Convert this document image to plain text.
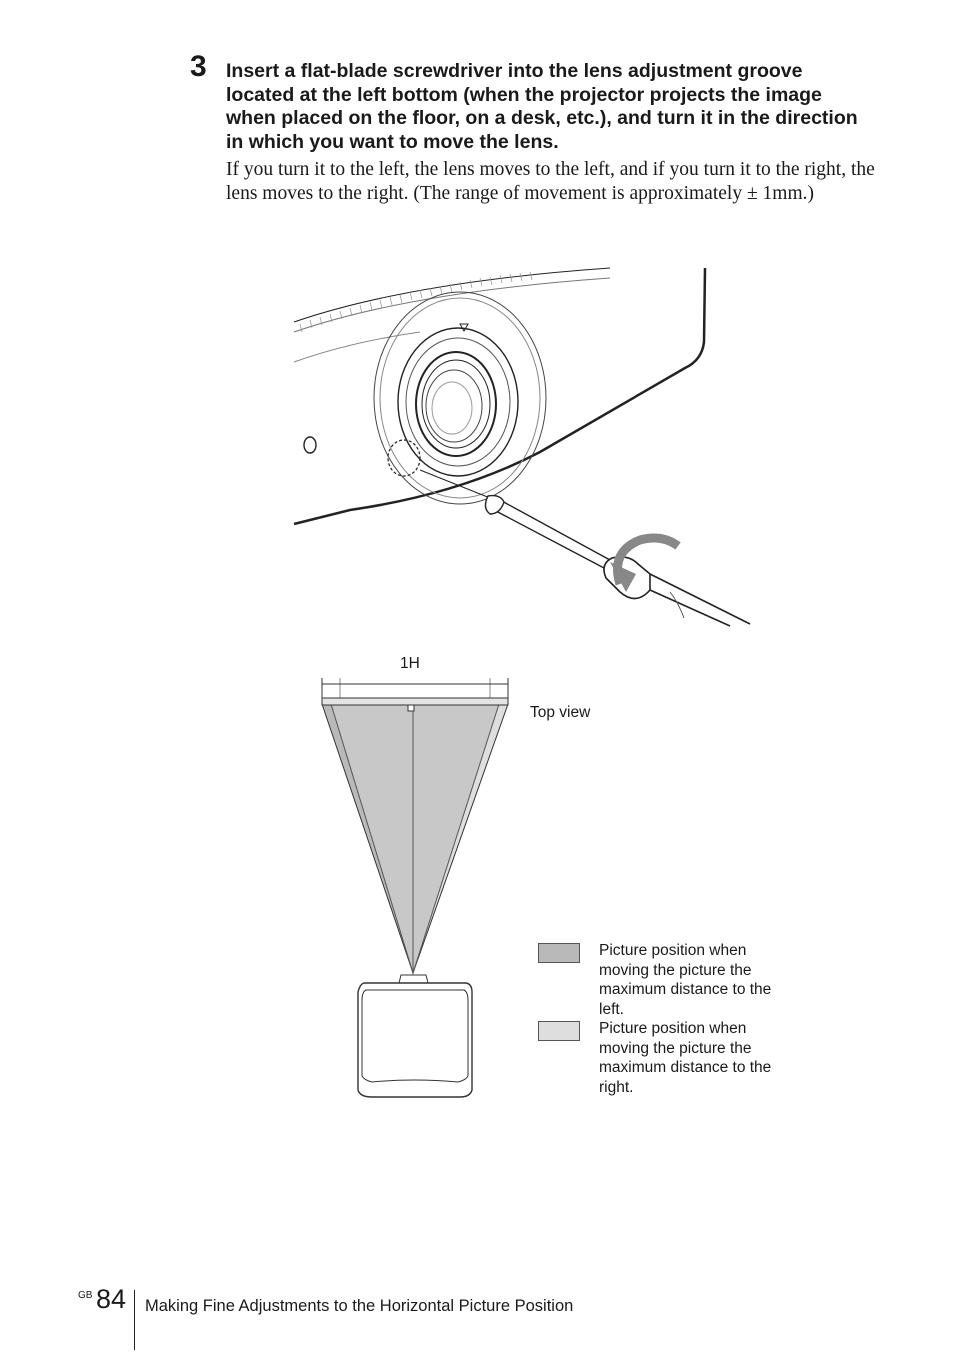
3 Insert a flat-blade screwdriver into the lens adjustment groove located at the left bottom (when the projector projects the image when placed on the floor, on a desk, etc.), and turn it in the direction in which you want to move the lens.
If you turn it to the left, the lens moves to the left, and if you turn it to the right, the lens moves to the right. (The range of movement is approximately ± 1mm.)
1H
Top view
Picture position when moving the picture the maximum distance to the left.
Picture position when moving the picture the maximum distance to the right.
GB 84 Making Fine Adjustments to the Horizontal Picture Position
